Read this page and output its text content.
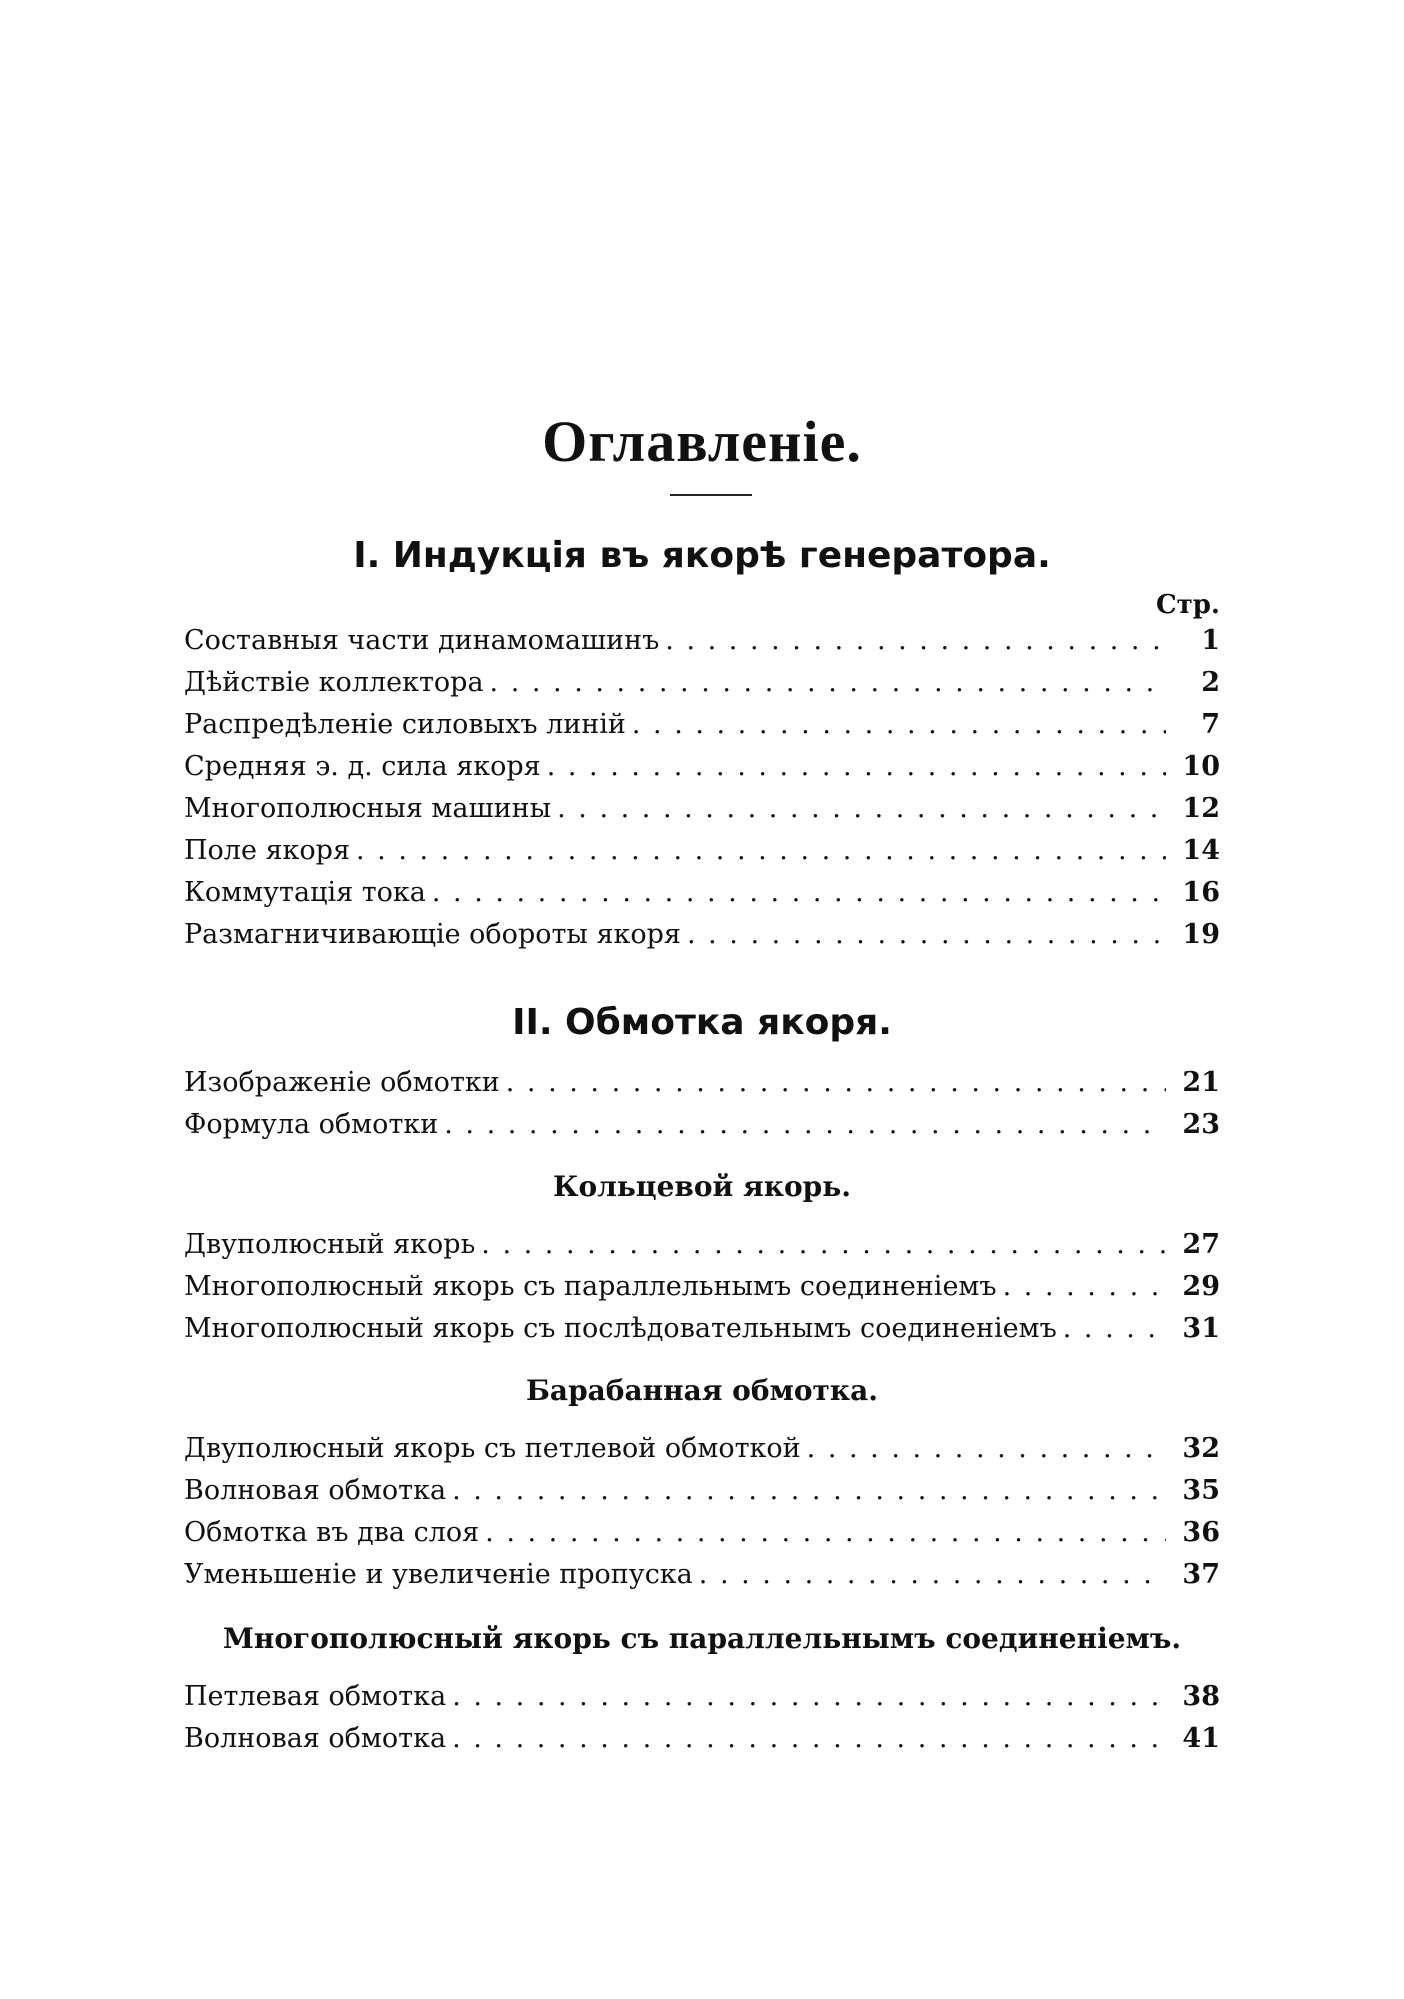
Оглавленіе.
I. Индукція въ якорѣ генератора.
Стр.
Составныя части динамомашинъ . . .	1
Дѣйствіе коллектора . . .	2
Распредѣленіе силовыхъ линій . . .	7
Средняя э. д. сила якоря . . .	10
Многополюсныя машины . . .	12
Поле якоря . . .	14
Коммутація тока . . .	16
Размагничивающіе обороты якоря . . .	19
II. Обмотка якоря.
Изображеніе обмотки . . .	21
Формула обмотки . . .	23
Кольцевой якорь.
Двуполюсный якорь . . .	27
Многополюсный якорь съ параллельнымъ соединеніемъ . . .	29
Многополюсный якорь съ послѣдовательнымъ соединеніемъ . . .	31
Барабанная обмотка.
Двуполюсный якорь съ петлевой обмоткой . . .	32
Волновая обмотка . . .	35
Обмотка въ два слоя . . .	36
Уменьшеніе и увеличеніе пропуска . . .	37
Многополюсный якорь съ параллельнымъ соединеніемъ.
Петлевая обмотка . . .	38
Волновая обмотка . . .	41
